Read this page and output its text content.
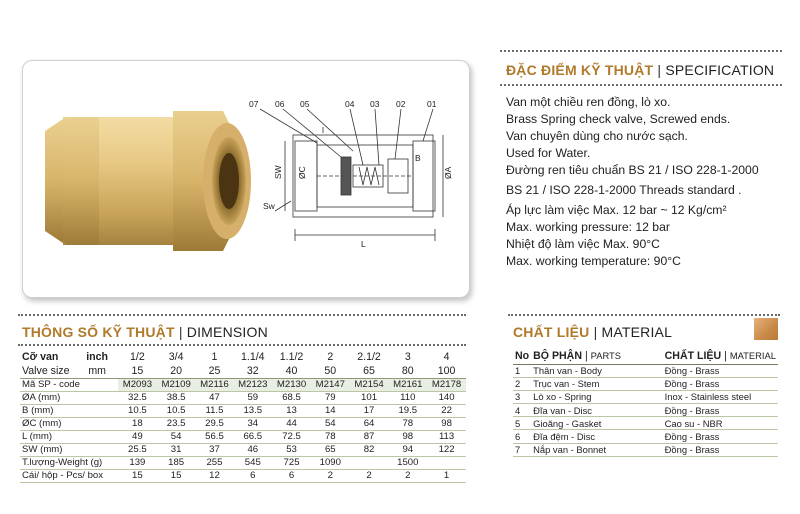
07 06 05	04 03 02	01
Sw
L
B
SW ØC	ØA
ĐẶC ĐIỂM KỸ THUẬT | SPECIFICATION
Van một chiều ren đồng, lò xo.
Brass Spring check valve, Screwed ends.
Van chuyên dùng cho nước sạch.
Used for Water.
Đường ren tiêu chuẩn BS 21 / ISO 228-1-2000
BS 21 / ISO 228-1-2000 Threads standard .
Áp lực làm việc Max. 12 bar ~ 12 Kg/cm²
Max. working pressure: 12 bar
Nhiệt độ làm việc Max. 90°C
Max. working temperature: 90°C
THÔNG SỐ KỸ THUẬT | DIMENSION
Cỡ van inch	1/2	3/4	1	1.1/4	1.1/2	2	2.1/2	3	4
Valve size mm	15	20	25	32	40	50	65	80	100
Mã SP - code	M2093	M2109	M2116	M2123	M2130	M2147	M2154	M2161	M2178
ØA (mm)	32.5	38.5	47	59	68.5	79	101	110	140
B (mm)	10.5	10.5	11.5	13.5	13	14	17	19.5	22
ØC (mm)	18	23.5	29.5	34	44	54	64	78	98
L (mm)	49	54	56.5	66.5	72.5	78	87	98	113
SW (mm)	25.5	31	37	46	53	65	82	94	122
T.lượng-Weight (g)	139	185	255	545	725	1090		1500	
Cái/ hộp - Pcs/ box	15	15	12	6	6	2	2	2	1
CHẤT LIỆU | MATERIAL
No	BỘ PHẬN | PARTS	CHẤT LIỆU | MATERIAL
1	Thân van - Body	Đồng - Brass
2	Trục van - Stem	Đồng - Brass
3	Lò xo - Spring	Inox - Stainless steel
4	Đĩa van - Disc	Đồng - Brass
5	Gioăng - Gasket	Cao su - NBR
6	Đĩa đệm - Disc	Đồng - Brass
7	Nắp van - Bonnet	Đồng - Brass
